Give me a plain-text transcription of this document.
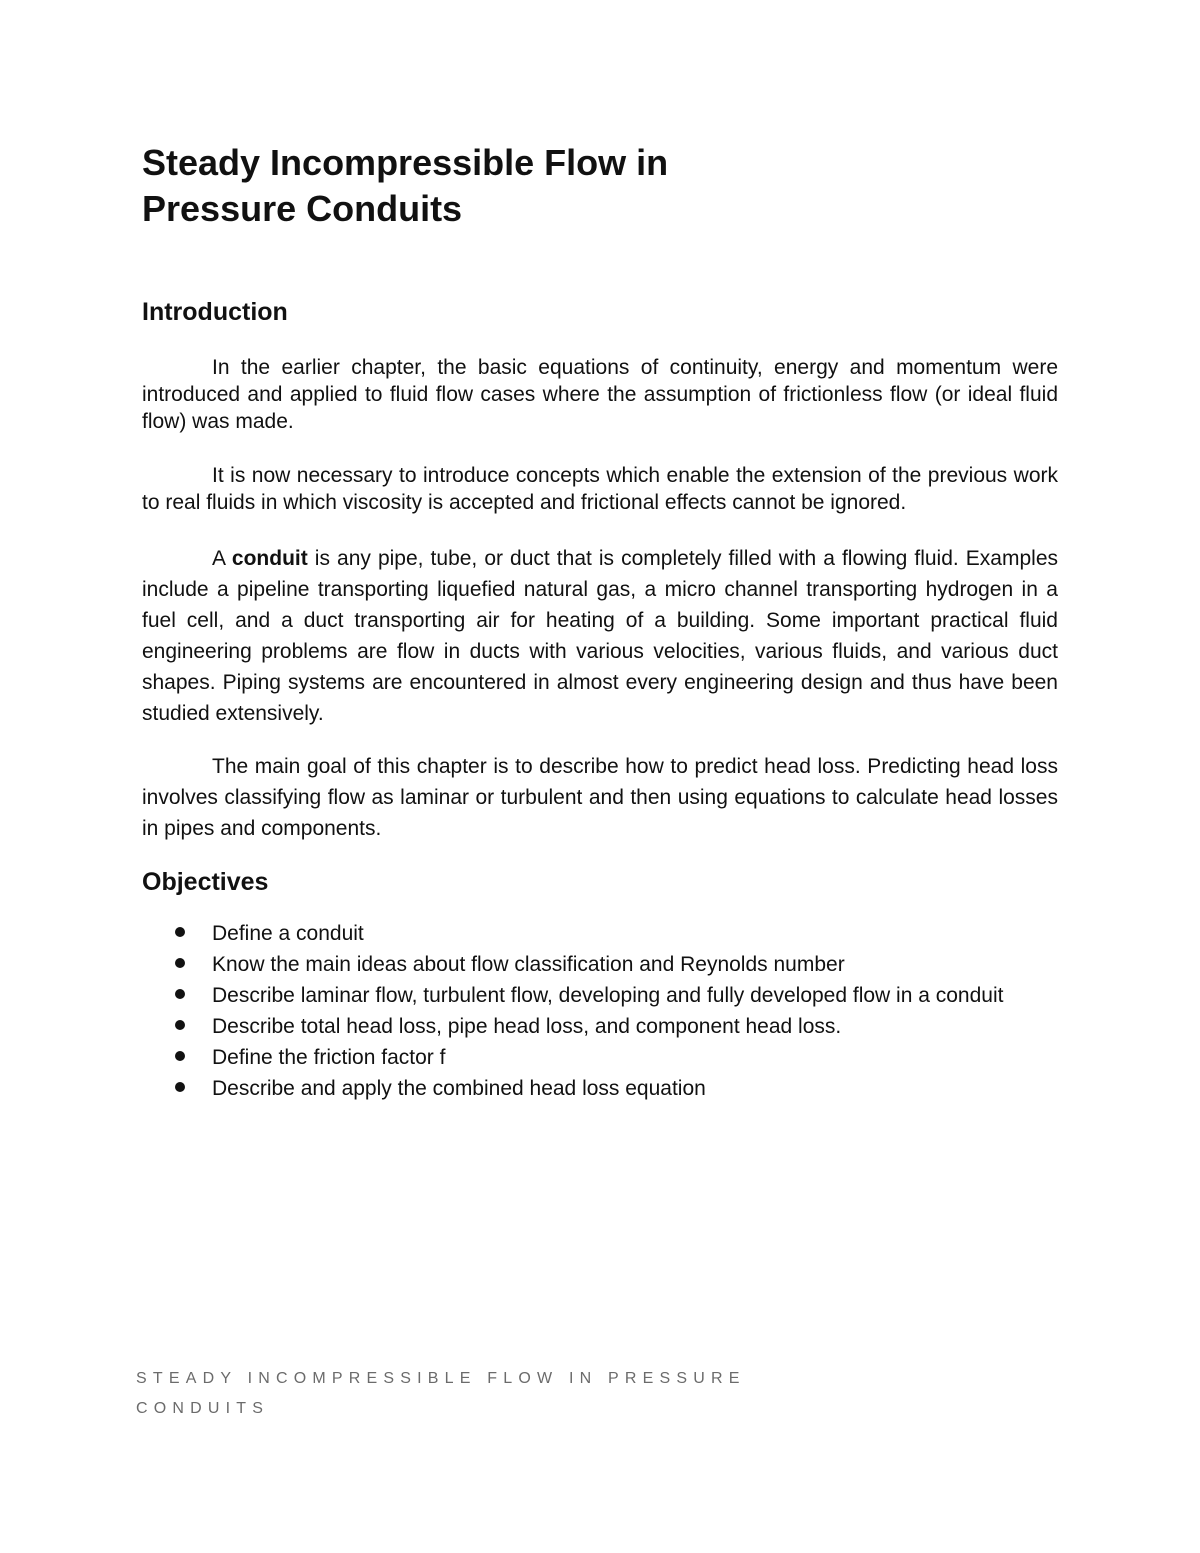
Steady Incompressible Flow in
Pressure Conduits
Introduction

In the earlier chapter, the basic equations of continuity, energy and momentum were introduced and applied to fluid flow cases where the assumption of frictionless flow (or ideal fluid flow) was made.

It is now necessary to introduce concepts which enable the extension of the previous work to real fluids in which viscosity is accepted and frictional effects cannot be ignored.

A conduit is any pipe, tube, or duct that is completely filled with a flowing fluid. Examples include a pipeline transporting liquefied natural gas, a micro channel transporting hydrogen in a fuel cell, and a duct transporting air for heating of a building. Some important practical fluid engineering problems are flow in ducts with various velocities, various fluids, and various duct shapes. Piping systems are encountered in almost every engineering design and thus have been studied extensively.

The main goal of this chapter is to describe how to predict head loss. Predicting head loss involves classifying flow as laminar or turbulent and then using equations to calculate head losses in pipes and components.

Objectives
Define a conduit
Know the main ideas about flow classification and Reynolds number
Describe laminar flow, turbulent flow, developing and fully developed flow in a conduit
Describe total head loss, pipe head loss, and component head loss.
Define the friction factor f
Describe and apply the combined head loss equation
STEADY INCOMPRESSIBLE FLOW IN PRESSURE CONDUITS
